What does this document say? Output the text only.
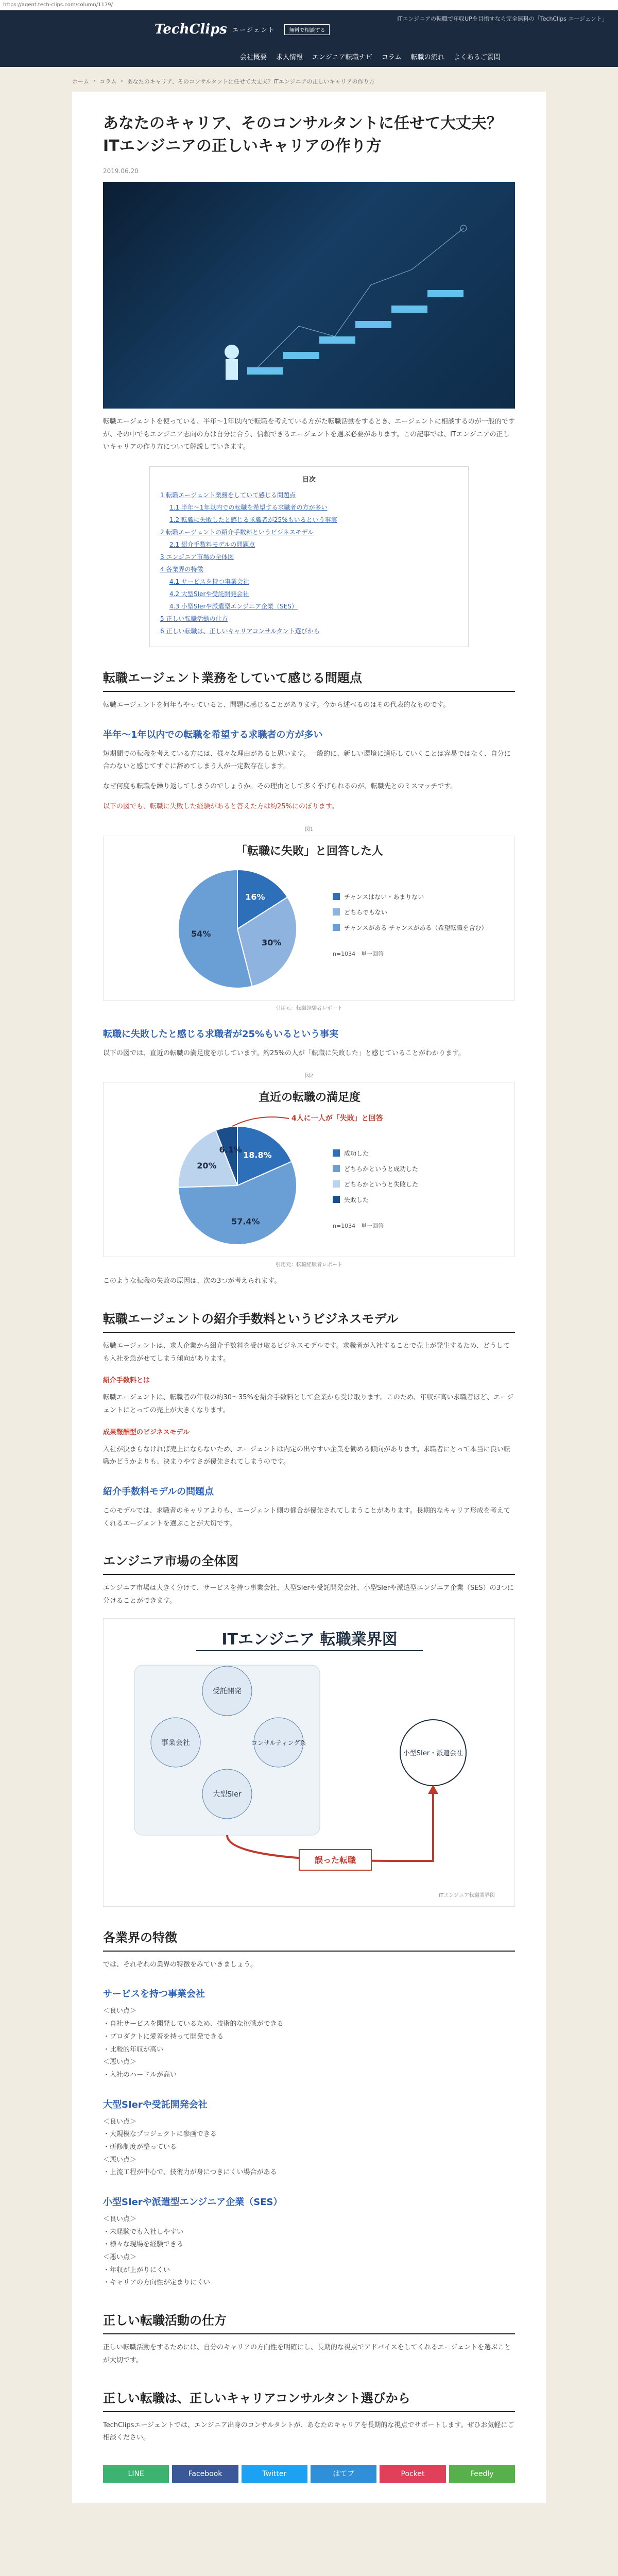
https://agent.tech-clips.com/column/1179/
TechClips エージェント	無料で相談する
ITエンジニアの転職で年収UPを目指すなら完全無料の「TechClips エージェント」
会社概要	求人情報	エンジニア転職ナビ	コラム	転職の流れ	よくあるご質問
ホーム › コラム › あなたのキャリア、そのコンサルタントに任せて大丈夫？ITエンジニアの正しいキャリアの作り方
あなたのキャリア、そのコンサルタントに任せて大丈夫？ITエンジニアの正しいキャリアの作り方
2019.06.20

転職エージェントを使っている、半年〜1年以内で転職を考えている方がた転職活動をするとき、エージェントに相談するのが一般的ですが、その中でもエンジニア志向の方は自分に合う、信頼できるエージェントを選ぶ必要があります。この記事では、ITエンジニアの正しいキャリアの作り方について解説していきます。

目次
1 転職エージェント業務をしていて感じる問題点
1.1 半年〜1年以内での転職を希望する求職者の方が多い
1.2 転職に失敗したと感じる求職者が25%もいるという事実
2 転職エージェントの紹介手数料というビジネスモデル
2.1 紹介手数料モデルの問題点
3 エンジニア市場の全体図
4 各業界の特徴
4.1 サービスを持つ事業会社
4.2 大型SIerや受託開発会社
4.3 小型SIerや派遣型エンジニア企業（SES）
5 正しい転職活動の仕方
6 正しい転職は、正しいキャリアコンサルタント選びから
転職エージェント業務をしていて感じる問題点

転職エージェントを何年もやっていると、問題に感じることがあります。今から述べるのはその代表的なものです。

半年〜1年以内での転職を希望する求職者の方が多い

短期間での転職を考えている方には、様々な理由があると思います。一般的に、新しい環境に適応していくことは容易ではなく、自分に合わないと感じてすぐに辞めてしまう人が一定数存在します。

なぜ何度も転職を繰り返してしまうのでしょうか。その理由として多く挙げられるのが、転職先とのミスマッチです。

以下の図でも、転職に失敗した経験があると答えた方は約25%にのぼります。

図1
「転職に失敗」と回答した人
16%
30%
54%
チャンスはない・あまりない
どちらでもない
チャンスがある チャンスがある（希望転職を含む）
n=1034　単一回答
引用元：転職経験者レポート
転職に失敗したと感じる求職者が25%もいるという事実

以下の図では、直近の転職の満足度を示しています。約25%の人が「転職に失敗した」と感じていることがわかります。

図2
直近の転職の満足度
18.8%
57.4%
20%
6.1%	成功した
どちらかというと成功した
どちらかというと失敗した
失敗した
n=1034　単一回答
4人に一人が「失敗」と回答
引用元：転職経験者レポート

このような転職の失敗の原因は、次の3つが考えられます。

転職エージェントの紹介手数料というビジネスモデル

転職エージェントは、求人企業から紹介手数料を受け取るビジネスモデルです。求職者が入社することで売上が発生するため、どうしても入社を急がせてしまう傾向があります。

紹介手数料とは

転職エージェントは、転職者の年収の約30〜35%を紹介手数料として企業から受け取ります。このため、年収が高い求職者ほど、エージェントにとっての売上が大きくなります。

成果報酬型のビジネスモデル

入社が決まらなければ売上にならないため、エージェントは内定の出やすい企業を勧める傾向があります。求職者にとって本当に良い転職かどうかよりも、決まりやすさが優先されてしまうのです。

紹介手数料モデルの問題点

このモデルでは、求職者のキャリアよりも、エージェント側の都合が優先されてしまうことがあります。長期的なキャリア形成を考えてくれるエージェントを選ぶことが大切です。

エンジニア市場の全体図

エンジニア市場は大きく分けて、サービスを持つ事業会社、大型SIerや受託開発会社、小型SIerや派遣型エンジニア企業（SES）の3つに分けることができます。

ITエンジニア 転職業界図
受託開発
事業会社	コンサルティング系
大型SIer
小型SIer・派遣会社
誤った転職
ITエンジニア転職業界図
各業界の特徴

では、それぞれの業界の特徴をみていきましょう。

サービスを持つ事業会社
＜良い点＞
・自社サービスを開発しているため、技術的な挑戦ができる
・プロダクトに愛着を持って開発できる
・比較的年収が高い
＜悪い点＞
・入社のハードルが高い
大型SIerや受託開発会社
＜良い点＞
・大規模なプロジェクトに参画できる
・研修制度が整っている
＜悪い点＞
・上流工程が中心で、技術力が身につきにくい場合がある
小型SIerや派遣型エンジニア企業（SES）
＜良い点＞
・未経験でも入社しやすい
・様々な現場を経験できる
＜悪い点＞
・年収が上がりにくい
・キャリアの方向性が定まりにくい
正しい転職活動の仕方

正しい転職活動をするためには、自分のキャリアの方向性を明確にし、長期的な視点でアドバイスをしてくれるエージェントを選ぶことが大切です。

正しい転職は、正しいキャリアコンサルタント選びから

TechClipsエージェントでは、エンジニア出身のコンサルタントが、あなたのキャリアを長期的な視点でサポートします。ぜひお気軽にご相談ください。

LINE	Facebook	Twitter	はてブ	Pocket	Feedly
